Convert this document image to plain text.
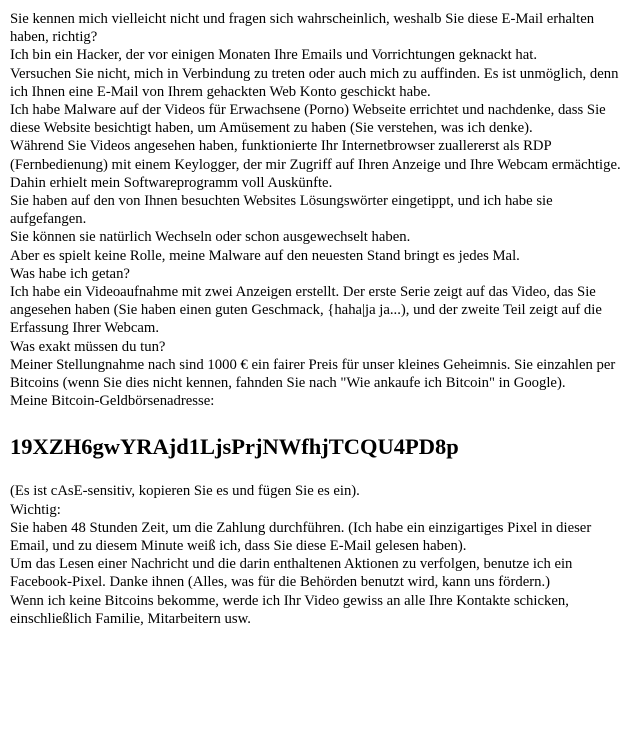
Sie kennen mich vielleicht nicht und fragen sich wahrscheinlich, weshalb Sie diese E-Mail erhalten haben, richtig?

Ich bin ein Hacker, der vor einigen Monaten Ihre Emails und Vorrichtungen geknackt hat.

Versuchen Sie nicht, mich in Verbindung zu treten oder auch mich zu auffinden. Es ist unmöglich, denn ich Ihnen eine E-Mail von Ihrem gehackten Web Konto geschickt habe.

Ich habe Malware auf der Videos für Erwachsene (Porno) Webseite errichtet und nachdenke, dass Sie diese Website besichtigt haben, um Amüsement zu haben (Sie verstehen, was ich denke).

Während Sie Videos angesehen haben, funktionierte Ihr Internetbrowser zuallererst als RDP (Fernbedienung) mit einem Keylogger, der mir Zugriff auf Ihren Anzeige und Ihre Webcam ermächtige.

Dahin erhielt mein Softwareprogramm voll Auskünfte.

Sie haben auf den von Ihnen besuchten Websites Lösungswörter eingetippt, und ich habe sie aufgefangen.

Sie können sie natürlich Wechseln oder schon ausgewechselt haben.

Aber es spielt keine Rolle, meine Malware auf den neuesten Stand bringt es jedes Mal.

Was habe ich getan?

Ich habe ein Videoaufnahme mit zwei Anzeigen erstellt. Der erste Serie zeigt auf das Video, das Sie angesehen haben (Sie haben einen guten Geschmack, {haha|ja ja...), und der zweite Teil zeigt auf die Erfassung Ihrer Webcam.

Was exakt müssen du tun?

Meiner Stellungnahme nach sind 1000 € ein fairer Preis für unser kleines Geheimnis. Sie einzahlen per Bitcoins (wenn Sie dies nicht kennen, fahnden Sie nach "Wie ankaufe ich Bitcoin" in Google).

Meine Bitcoin-Geldbörsenadresse:

19XZH6gwYRAjd1LjsPrjNWfhjTCQU4PD8p

(Es ist cAsE-sensitiv, kopieren Sie es und fügen Sie es ein).

Wichtig:

Sie haben 48 Stunden Zeit, um die Zahlung durchführen. (Ich habe ein einzigartiges Pixel in dieser Email, und zu diesem Minute weiß ich, dass Sie diese E-Mail gelesen haben).

Um das Lesen einer Nachricht und die darin enthaltenen Aktionen zu verfolgen, benutze ich ein Facebook-Pixel. Danke ihnen (Alles, was für die Behörden benutzt wird, kann uns fördern.)

Wenn ich keine Bitcoins bekomme, werde ich Ihr Video gewiss an alle Ihre Kontakte schicken, einschließlich Familie, Mitarbeitern usw.
